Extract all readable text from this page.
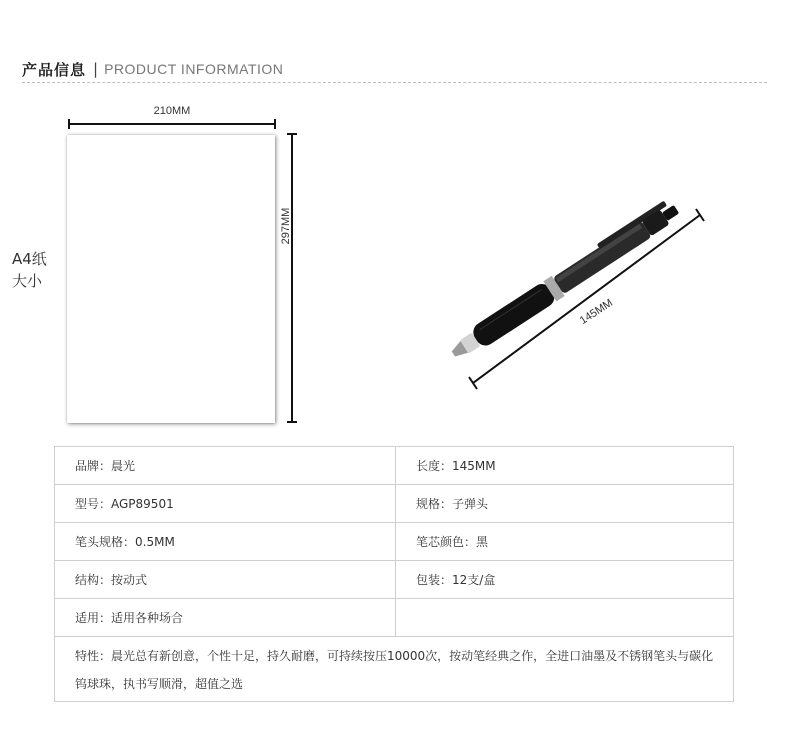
产品信息 | PRODUCT INFORMATION
A4纸
大小
210MM
297MM
145MM
品牌：晨光	长度：145MM
型号：AGP89501	规格：子弹头
笔头规格：0.5MM	笔芯颜色：黑
结构：按动式	包装：12支/盒
适用：适用各种场合	
特性：晨光总有新创意，个性十足，持久耐磨，可持续按压10000次，按动笔经典之作，全进口油墨及不锈钢笔头与碳化钨球珠，执书写顺滑，超值之选	
